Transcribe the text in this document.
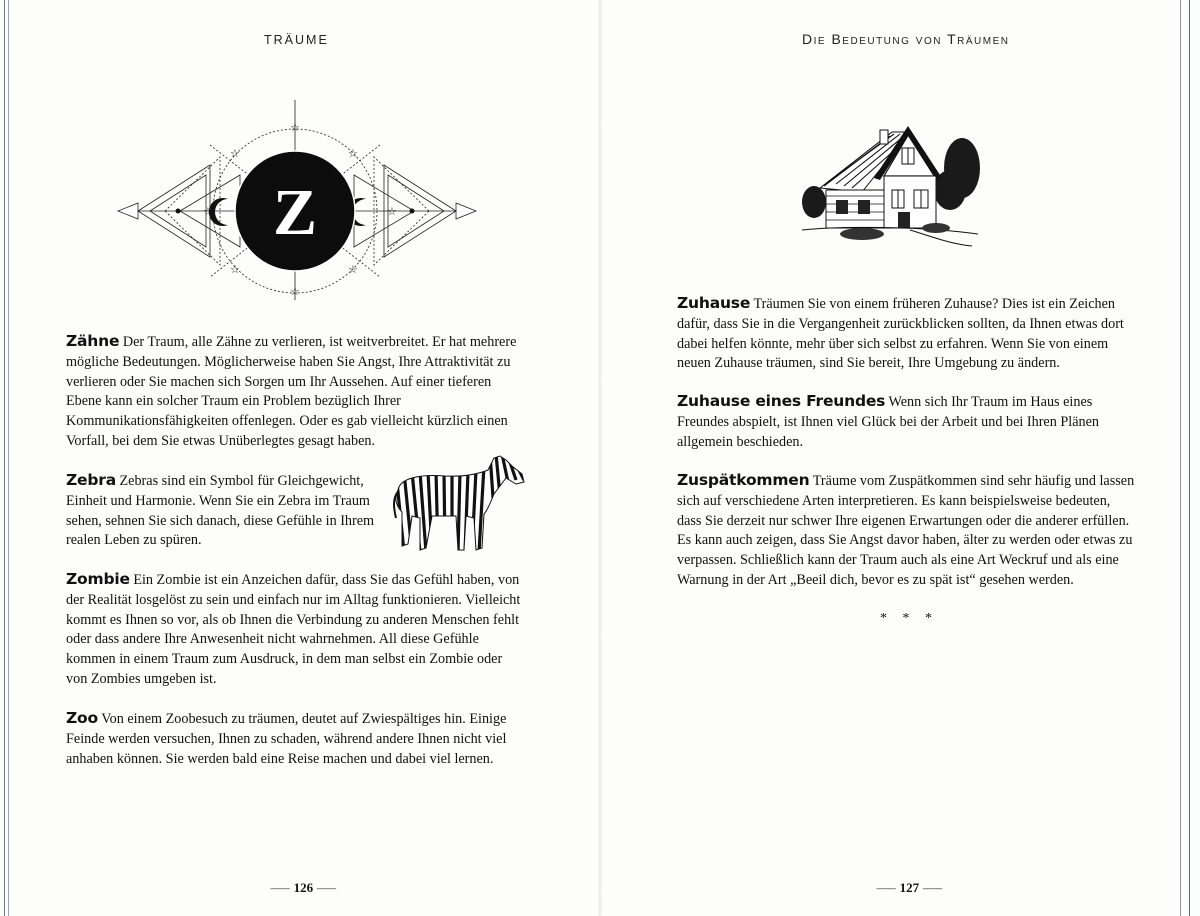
TRÄUME
☆
☆	☆
☆	☆
☆
☆	☆
Z

Zähne Der Traum, alle Zähne zu verlieren, ist weitverbreitet. Er hat mehrere mögliche Bedeutungen. Möglicherweise haben Sie Angst, Ihre Attraktivität zu verlieren oder Sie machen sich Sorgen um Ihr Aussehen. Auf einer tieferen Ebene kann ein solcher Traum ein Problem bezüglich Ihrer Kommunikationsfähigkeiten offenlegen. Oder es gab vielleicht kürzlich einen Vorfall, bei dem Sie etwas Unüberlegtes gesagt haben.

Zebra Zebras sind ein Symbol für Gleichgewicht, Einheit und Harmonie. Wenn Sie ein Zebra im Traum sehen, sehnen Sie sich danach, diese Gefühle in Ihrem realen Leben zu spüren.

Zombie Ein Zombie ist ein Anzeichen dafür, dass Sie das Gefühl haben, von der Realität losgelöst zu sein und einfach nur im Alltag funktionieren. Vielleicht kommt es Ihnen so vor, als ob Ihnen die Verbindung zu anderen Menschen fehlt oder dass andere Ihre Anwesenheit nicht wahrnehmen. All diese Gefühle kommen in einem Traum zum Ausdruck, in dem man selbst ein Zombie oder von Zombies umgeben ist.

Zoo Von einem Zoobesuch zu träumen, deutet auf Zwiespältiges hin. Einige Feinde werden versuchen, Ihnen zu schaden, während andere Ihnen nicht viel anhaben können. Sie werden bald eine Reise machen und dabei viel lernen.

⸺ 126 ⸺
Die Bedeutung von Träumen

Zuhause Träumen Sie von einem früheren Zuhause? Dies ist ein Zeichen dafür, dass Sie in die Vergangenheit zurückblicken sollten, da Ihnen etwas dort dabei helfen könnte, mehr über sich selbst zu erfahren. Wenn Sie von einem neuen Zuhause träumen, sind Sie bereit, Ihre Umgebung zu ändern.

Zuhause eines Freundes Wenn sich Ihr Traum im Haus eines Freundes abspielt, ist Ihnen viel Glück bei der Arbeit und bei Ihren Plänen allgemein beschieden.

Zuspätkommen Träume vom Zuspätkommen sind sehr häufig und lassen sich auf verschiedene Arten interpretieren. Es kann beispielsweise bedeuten, dass Sie derzeit nur schwer Ihre eigenen Erwartungen oder die anderer erfüllen. Es kann auch zeigen, dass Sie Angst davor haben, älter zu werden oder etwas zu verpassen. Schließlich kann der Traum auch als eine Art Weckruf und als eine Warnung in der Art „Beeil dich, bevor es zu spät ist“ gesehen werden.

* * *
⸺ 127 ⸺
